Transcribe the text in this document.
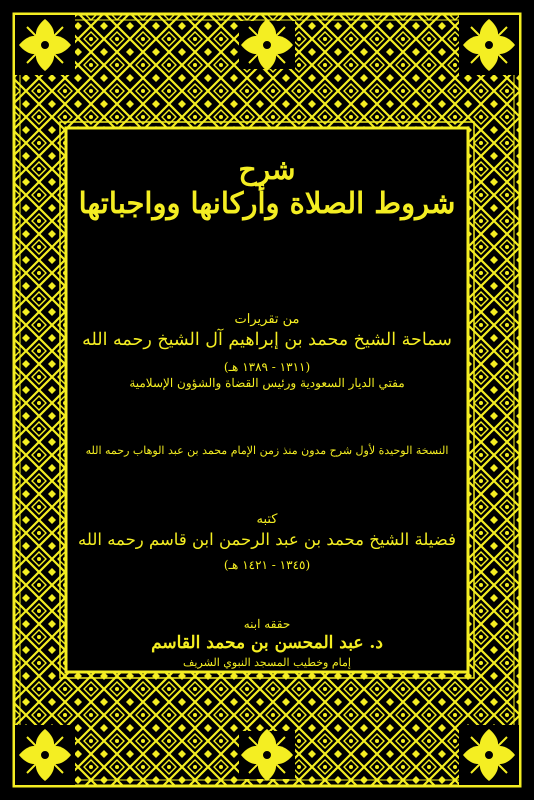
شرح
شروط الصلاة وأركانها وواجباتها
من تقريرات
سماحة الشيخ محمد بن إبراهيم آل الشيخ رحمه الله
(١٣١١ - ١٣٨٩ هـ)
مفتي الديار السعودية ورئيس القضاة والشؤون الإسلامية
النسخة الوحيدة لأول شرح مدون منذ زمن الإمام محمد بن عبد الوهاب رحمه الله
كتبه
فضيلة الشيخ محمد بن عبد الرحمن ابن قاسم رحمه الله
(١٣٤٥ - ١٤٢١ هـ)
حققه ابنه
د. عبد المحسن بن محمد القاسم
إمام وخطيب المسجد النبوي الشريف
